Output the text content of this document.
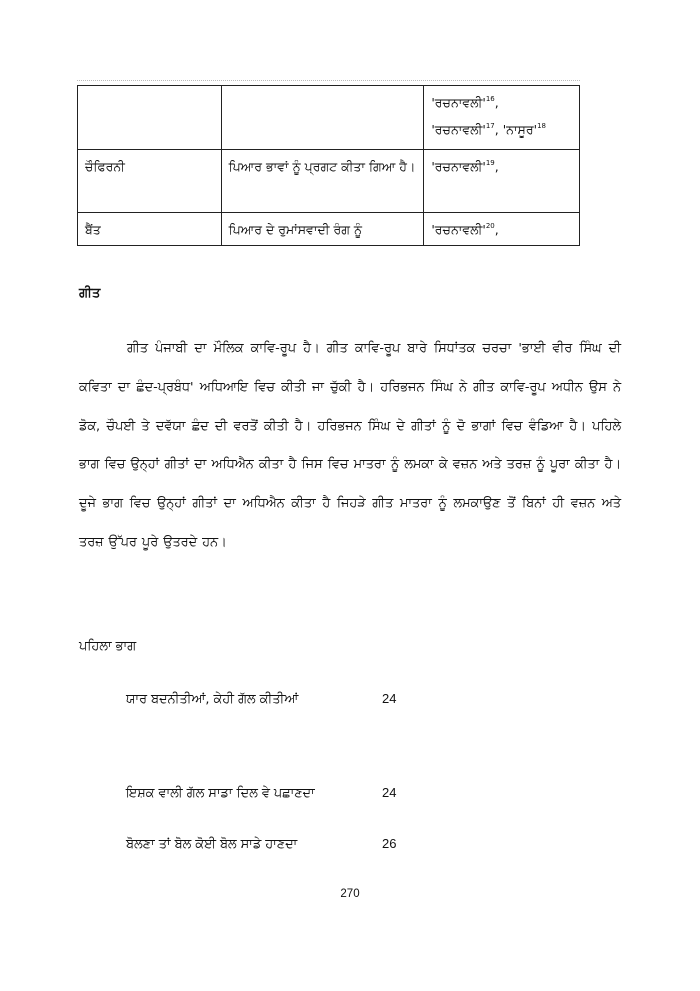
		'$ਰਚਨਾਵਲੀ'^{16}$,
'$ਰਚਨਾਵਲੀ'^{17}$, '$ਨਾਸੂਰ'^{18}$

ਚੌਫਿਰਨੀ	ਪਿਆਰ ਭਾਵਾਂ ਨੂੰ ਪ੍ਰਗਟ ਕੀਤਾ ਗਿਆ ਹੈ।	'$ਰਚਨਾਵਲੀ'^{19}$,

ਬੈਂਤ	ਪਿਆਰ ਦੇ ਰੁਮਾਂਸਵਾਦੀ ਰੰਗ ਨੂੰ	'$ਰਚਨਾਵਲੀ'^{20}$,
ਗੀਤ

ਗੀਤ ਪੰਜਾਬੀ ਦਾ ਮੌਲਿਕ ਕਾਵਿ-ਰੂਪ ਹੈ। ਗੀਤ ਕਾਵਿ-ਰੂਪ ਬਾਰੇ ਸਿਧਾਂਤਕ ਚਰਚਾ 'ਭਾਈ ਵੀਰ ਸਿੰਘ ਦੀ ਕਵਿਤਾ ਦਾ ਛੰਦ-ਪ੍ਰਬੰਧ' ਅਧਿਆਇ ਵਿਚ ਕੀਤੀ ਜਾ ਚੁੱਕੀ ਹੈ। ਹਰਿਭਜਨ ਸਿੰਘ ਨੇ ਗੀਤ ਕਾਵਿ-ਰੂਪ ਅਧੀਨ ਉਸ ਨੇ ਡੋਕ, ਚੌਪਈ ਤੇ ਦਵੱਯਾ ਛੰਦ ਦੀ ਵਰਤੋਂ ਕੀਤੀ ਹੈ। ਹਰਿਭਜਨ ਸਿੰਘ ਦੇ ਗੀਤਾਂ ਨੂੰ ਦੋ ਭਾਗਾਂ ਵਿਚ ਵੰਡਿਆ ਹੈ। ਪਹਿਲੇ ਭਾਗ ਵਿਚ ਉਨ੍ਹਾਂ ਗੀਤਾਂ ਦਾ ਅਧਿਐਨ ਕੀਤਾ ਹੈ ਜਿਸ ਵਿਚ ਮਾਤਰਾ ਨੂੰ ਲਮਕਾ ਕੇ ਵਜ਼ਨ ਅਤੇ ਤਰਜ਼ ਨੂੰ ਪੂਰਾ ਕੀਤਾ ਹੈ। ਦੂਜੇ ਭਾਗ ਵਿਚ ਉਨ੍ਹਾਂ ਗੀਤਾਂ ਦਾ ਅਧਿਐਨ ਕੀਤਾ ਹੈ ਜਿਹੜੇ ਗੀਤ ਮਾਤਰਾ ਨੂੰ ਲਮਕਾਉਣ ਤੋਂ ਬਿਨਾਂ ਹੀ ਵਜ਼ਨ ਅਤੇ ਤਰਜ਼ ਉੱਪਰ ਪੂਰੇ ਉਤਰਦੇ ਹਨ।

ਪਹਿਲਾ ਭਾਗ

ਯਾਰ ਬਦਨੀਤੀਆਂ, ਕੇਹੀ ਗੱਲ ਕੀਤੀਆਂ	24
ਇਸ਼ਕ ਵਾਲੀ ਗੱਲ ਸਾਡਾ ਦਿਲ ਵੇ ਪਛਾਣਦਾ	24
ਬੋਲਣਾ ਤਾਂ ਬੋਲ ਕੋਈ ਬੋਲ ਸਾਡੇ ਹਾਣਦਾ	26
270
